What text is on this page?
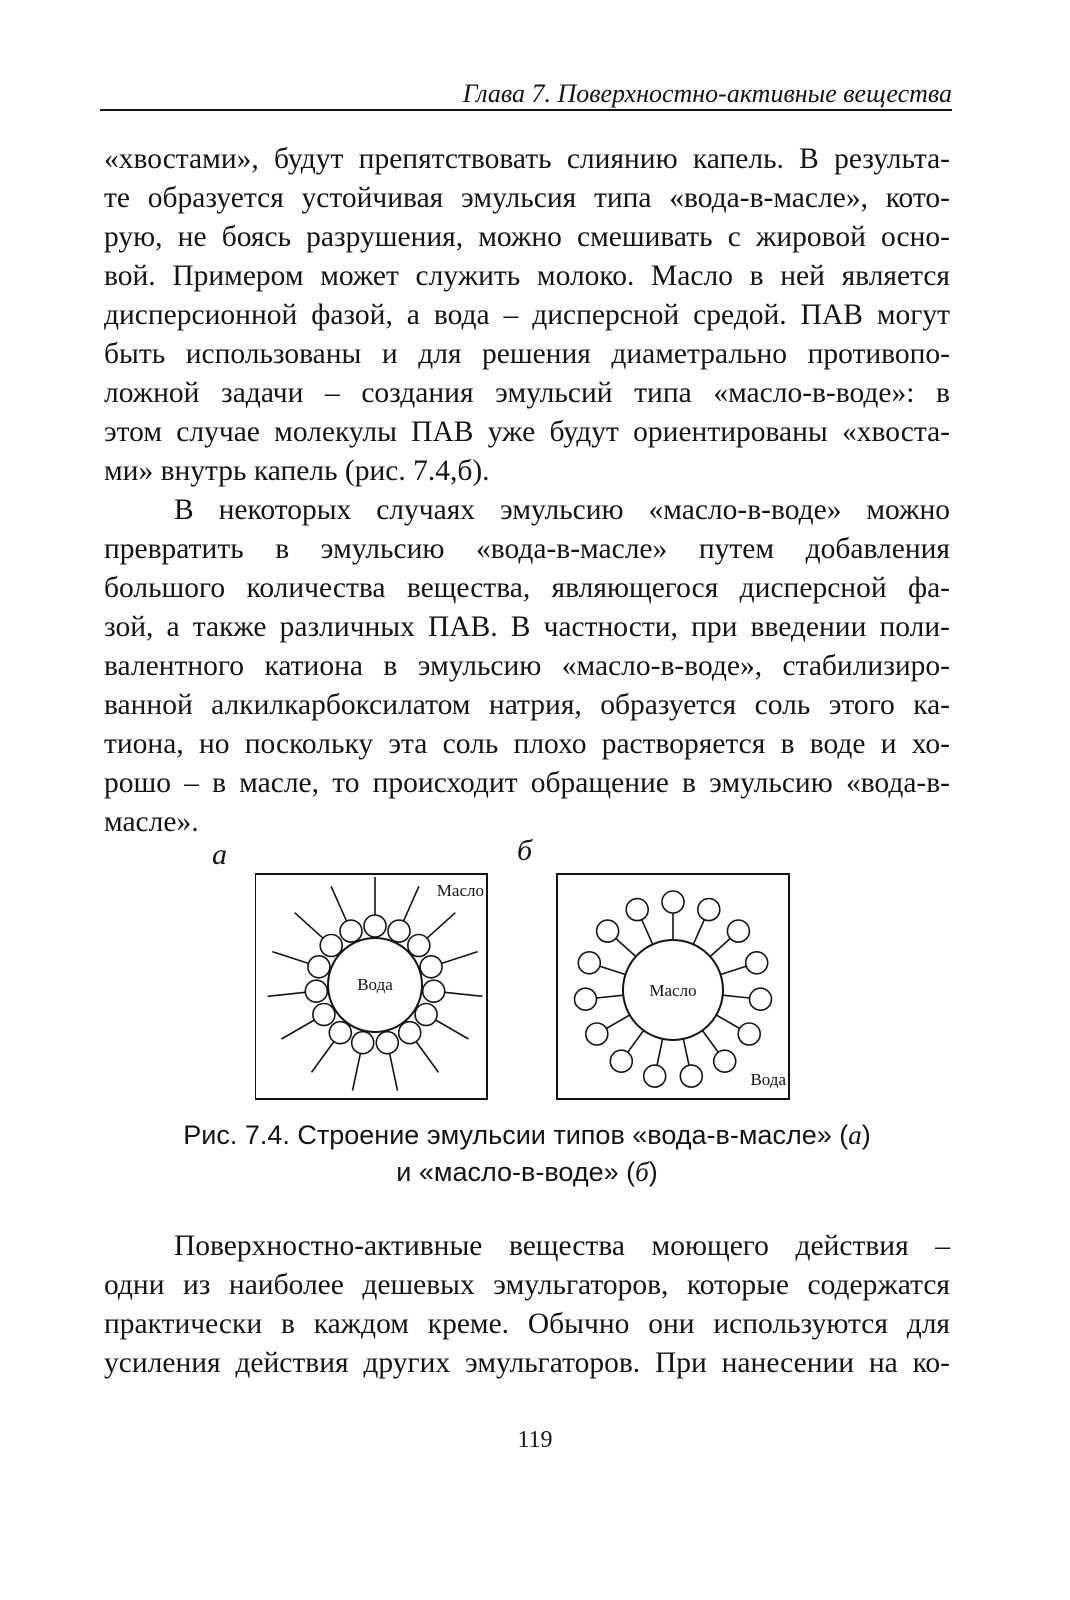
Глава 7. Поверхностно-активные вещества
«хвостами», будут препятствовать слиянию капель. В результа-
те образуется устойчивая эмульсия типа «вода-в-масле», кото-
рую, не боясь разрушения, можно смешивать с жировой осно-
вой. Примером может служить молоко. Масло в ней является
дисперсионной фазой, а вода – дисперсной средой. ПАВ могут
быть использованы и для решения диаметрально противопо-
ложной задачи – создания эмульсий типа «масло-в-воде»: в
этом случае молекулы ПАВ уже будут ориентированы «хвоста-
ми» внутрь капель (рис. 7.4,б).
В некоторых случаях эмульсию «масло-в-воде» можно
превратить в эмульсию «вода-в-масле» путем добавления
большого количества вещества, являющегося дисперсной фа-
зой, а также различных ПАВ. В частности, при введении поли-
валентного катиона в эмульсию «масло-в-воде», стабилизиро-
ванной алкилкарбоксилатом натрия, образуется соль этого ка-
тиона, но поскольку эта соль плохо растворяется в воде и хо-
рошо – в масле, то происходит обращение в эмульсию «вода-в-
масле».
а	б
Вода
Масло
Масло
Вода
Рис. 7.4. Строение эмульсии типов «вода-в-масле» (а)
и «масло-в-воде» (б)
Поверхностно-активные вещества моющего действия –
одни из наиболее дешевых эмульгаторов, которые содержатся
практически в каждом креме. Обычно они используются для
усиления действия других эмульгаторов. При нанесении на ко-
119
